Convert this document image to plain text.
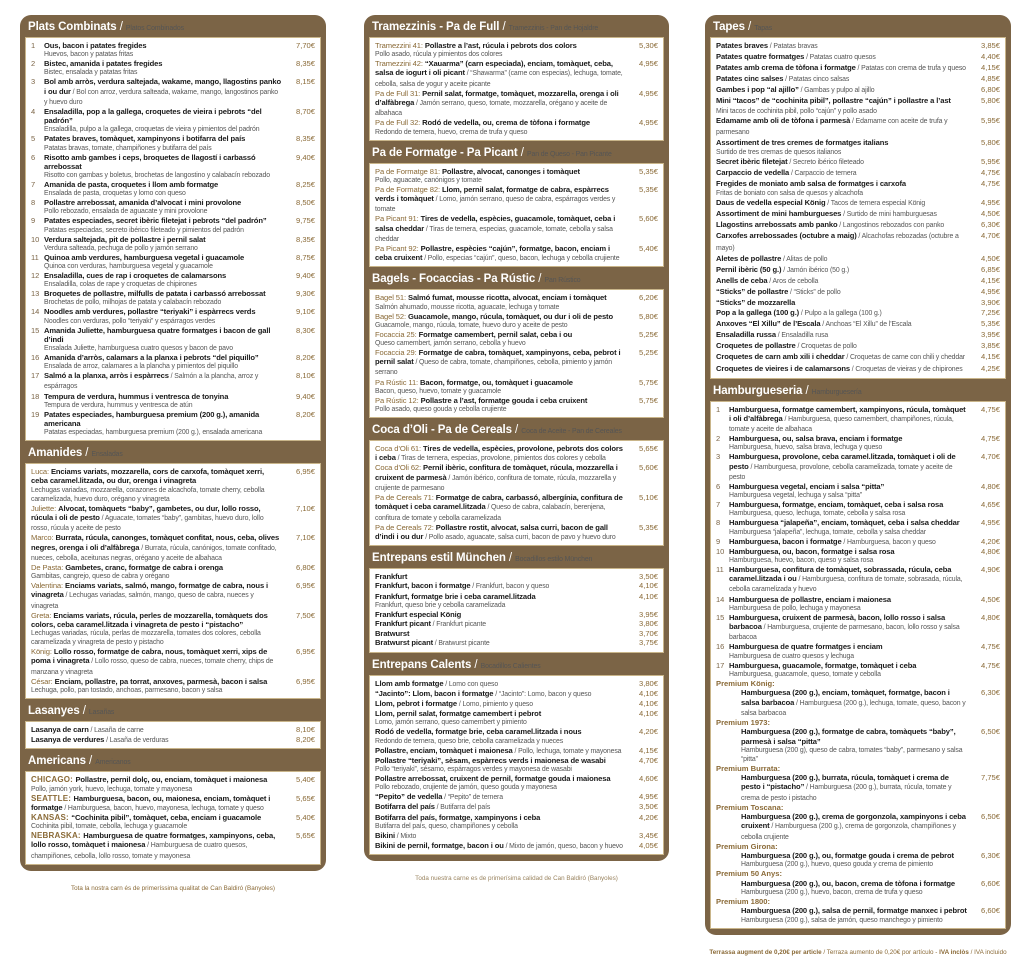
Plats Combinats / Platos Combinados
1	Ous, bacon i patates fregides
Huevos, bacon y patatas fritas
7,70€
2	Bistec, amanida i patates fregides
Bistec, ensalada y patatas fritas
8,35€
3	Bol amb arròs, verdura saltejada, wakame, mango, llagostins panko i ou dur / Bol con arroz, verdura salteada, wakame, mango, langostinos panko y huevo duro
8,15€
4	Ensaladilla, pop a la gallega, croquetes de vieira i pebrots “del padrón”
Ensaladilla, pulpo a la gallega, croquetas de vieira y pimientos del padrón
8,70€
5	Patates braves, tomàquet, xampinyons i botifarra del país
Patatas bravas, tomate, champiñones y butifarra del país
8,35€
6	Risotto amb gambes i ceps, broquetes de llagostí i carbassó arrebossat
Risotto con gambas y boletus, brochetas de langostino y calabacín rebozado
9,40€
7	Amanida de pasta, croquetes i llom amb formatge
Ensalada de pasta, croquetas y lomo con queso
8,25€
8	Pollastre arrebossat, amanida d’alvocat i mini provolone
Pollo rebozado, ensalada de aguacate y mini provolone
8,50€
9	Patates especiades, secret ibèric filetejat i pebrots “del padrón”
Patatas especiadas, secreto ibérico fileteado y pimientos del padrón
9,75€
10 Verdura saltejada, pit de pollastre i pernil salat
Verdura salteada, pechuga de pollo y jamón serrano
8,35€
11 Quinoa amb verdures, hamburguesa vegetal i guacamole
Quinoa con verduras, hamburguesa vegetal y guacamole
8,75€
12 Ensaladilla, cues de rap i croquetes de calamarsons
Ensaladilla, colas de rape y croquetas de chipirones
9,40€
13 Broquetes de pollastre, milfulls de patata i carbassó arrebossat
Brochetas de pollo, milhojas de patata y calabacín rebozado
9,30€
14 Noodles amb verdures, pollastre “teriyaki” i espàrrecs verds
Noodles con verduras, pollo “teriyaki” y espárragos verdes
9,10€
15 Amanida Juliette, hamburguesa quatre formatges i bacon de gall d’indi
Ensalada Juliette, hamburguesa cuatro quesos y bacon de pavo
8,30€
16 Amanida d’arròs, calamars a la planxa i pebrots “del piquillo”
Ensalada de arroz, calamares a la plancha y pimientos del piquillo
8,20€
17 Salmó a la planxa, arròs i espàrrecs / Salmón a la plancha, arroz y espárragos
8,10€
18 Tempura de verdura, hummus i ventresca de tonyina
Tempura de verdura, hummus y ventresca de atún
9,40€
19 Patates especiades, hamburguesa premium (200 g.), amanida americana
Patatas especiadas, hamburguesa premium (200 g.), ensalada americana
8,20€
Amanides / Ensaladas
Luca: Enciams variats, mozzarella, cors de carxofa, tomàquet xerri, ceba caramel.litzada, ou dur, orenga i vinagreta
Lechugas variadas, mozzarella, corazones de alcachofa, tomate cherry, cebolla caramelizada, huevo duro, orégano y vinagreta
6,95€
Juliette: Alvocat, tomàquets “baby”, gambetes, ou dur, lollo rosso, rúcula i oli de pesto / Aguacate, tomates “baby”, gambitas, huevo duro, lollo rosso, rúcula y aceite de pesto
7,10€
Marco: Burrata, rúcula, canonges, tomàquet confitat, nous, ceba, olives negres, orenga i oli d’alfàbrega / Burrata, rúcula, canónigos, tomate confitado, nueces, cebolla, aceitunas negras, orégano y aceite de albahaca
7,10€
De Pasta: Gambetes, cranc, formatge de cabra i orenga
Gambitas, cangrejo, queso de cabra y orégano
6,80€
Valentina: Enciams variats, salmó, mango, formatge de cabra, nous i vinagreta / Lechugas variadas, salmón, mango, queso de cabra, nueces y vinagreta
6,95€
Greta: Enciams variats, rúcula, perles de mozzarella, tomàquets dos colors, ceba caramel.litzada i vinagreta de pesto i “pistacho”
Lechugas variadas, rúcula, perlas de mozzarella, tomates dos colores, cebolla caramelizada y vinagreta de pesto y pistacho
7,50€
König: Lollo rosso, formatge de cabra, nous, tomàquet xerri, xips de poma i vinagreta / Lollo rosso, queso de cabra, nueces, tomate cherry, chips de manzana y vinagreta
6,95€
César: Enciam, pollastre, pa torrat, anxoves, parmesà, bacon i salsa
Lechuga, pollo, pan tostado, anchoas, parmesano, bacon y salsa
6,95€
Lasanyes / Lasañas
Lasanya de carn / Lasaña de carne	8,10€
Lasanya de verdures / Lasaña de verduras	8,20€
Americans / Americanos
CHICAGO: Pollastre, pernil dolç, ou, enciam, tomàquet i maionesa
Pollo, jamón york, huevo, lechuga, tomate y mayonesa
5,40€
SEATTLE: Hamburguesa, bacon, ou, maionesa, enciam, tomàquet i formatge / Hamburguesa, bacon, huevo, mayonesa, lechuga, tomate y queso
5,65€
KANSAS: “Cochinita pibil”, tomàquet, ceba, enciam i guacamole
Cochinita pibil, tomate, cebolla, lechuga y guacamole
5,40€
NEBRASKA: Hamburguesa de quatre formatges, xampinyons, ceba, lollo rosso, tomàquet i maionesa / Hamburguesa de cuatro quesos, champiñones, cebolla, lollo rosso, tomate y mayonesa
5,65€
Tota la nostra carn és de primeríssima qualitat de Can Baldiró (Banyoles)
Tramezzinis - Pa de Full / Tramezzinis - Pan de Hojaldre
Tramezzini 41: Pollastre a l’ast, rúcula i pebrots dos colors
Pollo asado, rúcula y pimientos dos colores
5,30€
Tramezzini 42: “Xauarma” (carn especiada), enciam, tomàquet, ceba, salsa de iogurt i oli picant / “Shawarma” (carne con especias), lechuga, tomate, cebolla, salsa de yogur y aceite picante
4,95€
Pa de Full 31: Pernil salat, formatge, tomàquet, mozzarella, orenga i oli d’alfàbrega / Jamón serrano, queso, tomate, mozzarella, orégano y aceite de albahaca
4,95€
Pa de Full 32: Rodó de vedella, ou, crema de tòfona i formatge
Redondo de ternera, huevo, crema de trufa y queso
4,95€
Pa de Formatge - Pa Picant / Pan de Queso - Pan Picante
Pa de Formatge 81: Pollastre, alvocat, canonges i tomàquet
Pollo, aguacate, canónigos y tomate
5,35€
Pa de Formatge 82: Llom, pernil salat, formatge de cabra, espàrrecs verds i tomàquet / Lomo, jamón serrano, queso de cabra, espárragos verdes y tomate
5,35€
Pa Picant 91: Tires de vedella, espècies, guacamole, tomàquet, ceba i salsa cheddar / Tiras de ternera, especias, guacamole, tomate, cebolla y salsa cheddar
5,60€
Pa Picant 92: Pollastre, espècies “cajún”, formatge, bacon, enciam i ceba cruixent / Pollo, especias “cajún”, queso, bacon, lechuga y cebolla crujiente
5,40€
Bagels - Focaccias - Pa Rústic / Pan Rústico
Bagel 51: Salmó fumat, mousse ricotta, alvocat, enciam i tomàquet
Salmón ahumado, mousse ricotta, aguacate, lechuga y tomate
6,20€
Bagel 52: Guacamole, mango, rúcula, tomàquet, ou dur i oli de pesto
Guacamole, mango, rúcula, tomate, huevo duro y aceite de pesto
5,80€
Focaccia 25: Formatge camembert, pernil salat, ceba i ou
Queso camembert, jamón serrano, cebolla y huevo
5,25€
Focaccia 29: Formatge de cabra, tomàquet, xampinyons, ceba, pebrot i pernil salat / Queso de cabra, tomate, champiñones, cebolla, pimiento y jamón serrano
5,25€
Pa Rústic 11: Bacon, formatge, ou, tomàquet i guacamole
Bacon, queso, huevo, tomate y guacamole
5,75€
Pa Rústic 12: Pollastre a l’ast, formatge gouda i ceba cruixent
Pollo asado, queso gouda y cebolla crujiente
5,75€
Coca d’Oli - Pa de Cereals / Coca de Aceite - Pan de Cereales
Coca d’Oli 61: Tires de vedella, espècies, provolone, pebrots dos colors i ceba / Tiras de ternera, especias, provolone, pimientos dos colores y cebolla
5,65€
Coca d’Oli 62: Pernil ibèric, confitura de tomàquet, rúcula, mozzarella i cruixent de parmesà / Jamón ibérico, confitura de tomate, rúcula, mozzarella y crujiente de parmesano
5,60€
Pa de Cereals 71: Formatge de cabra, carbassó, albergínia, confitura de tomàquet i ceba caramel.litzada / Queso de cabra, calabacín, berenjena, confitura de tomate y cebolla caramelizada
5,10€
Pa de Cereals 72: Pollastre rostit, alvocat, salsa curri, bacon de gall d’indi i ou dur / Pollo asado, aguacate, salsa curri, bacon de pavo y huevo duro
5,35€
Entrepans estil München / Bocadillos estilo München
Frankfurt	3,50€
Frankfurt, bacon i formatge / Frankfurt, bacon y queso	4,10€
Frankfurt, formatge brie i ceba caramel.litzada
Frankfurt, queso brie y cebolla caramelizada
4,10€
Frankfurt especial König	3,95€
Frankfurt picant / Frankfurt picante	3,80€
Bratwurst	3,70€
Bratwurst picant / Bratwurst picante	3,75€
Entrepans Calents / Bocadillos Calientes
Llom amb formatge / Lomo con queso	3,80€
“Jacinto”: Llom, bacon i formatge / “Jacinto”: Lomo, bacon y queso	4,10€
Llom, pebrot i formatge / Lomo, pimiento y queso	4,10€
Llom, pernil salat, formatge camembert i pebrot
Lomo, jamón serrano, queso camembert y pimiento
4,10€
Rodó de vedella, formatge brie, ceba caramel.litzada i nous
Redondo de ternera, queso brie, cebolla caramelizada y nueces
4,20€
Pollastre, enciam, tomàquet i maionesa / Pollo, lechuga, tomate y mayonesa	4,15€
Pollastre “teriyaki”, sèsam, espàrrecs verds i maionesa de wasabi
Pollo “teriyaki”, sésamo, espárragos verdes y mayonesa de wasabi
4,70€
Pollastre arrebossat, cruixent de pernil, formatge gouda i maionesa
Pollo rebozado, crujiente de jamón, queso gouda y mayonesa
4,60€
“Pepito” de vedella / “Pepito” de ternera	4,95€
Botifarra del país / Butifarra del país	3,50€
Botifarra del país, formatge, xampinyons i ceba
Butifarra del país, queso, champiñones y cebolla
4,20€
Bikini / Mixto	3,45€
Bikini de pernil, formatge, bacon i ou / Mixto de jamón, queso, bacon y huevo	4,05€
Toda nuestra carne es de primerísima calidad de Can Baldiró (Banyoles)
Tapes / Tapas
Patates braves / Patatas bravas	3,85€
Patates quatre formatges / Patatas cuatro quesos	4,40€
Patates amb crema de tòfona i formatge / Patatas con crema de trufa y queso	4,15€
Patates cinc salses / Patatas cinco salsas	4,85€
Gambes i pop “al ajillo” / Gambas y pulpo al ajillo	6,80€
Mini “tacos” de “cochinita pibil”, pollastre “cajún” i pollastre a l’ast
Mini tacos de cochinita pibil, pollo “cajún” y pollo asado
5,80€
Edamame amb oli de tòfona i parmesà / Edamame con aceite de trufa y parmesano
5,95€
Assortiment de tres cremes de formatges italians
Surtido de tres cremas de quesos italianos
5,80€
Secret ibèric filetejat / Secreto ibérico fileteado	5,95€
Carpaccio de vedella / Carpaccio de ternera	4,75€
Fregides de moniato amb salsa de formatges i carxofa
Fritas de boniato con salsa de quesos y alcachofa
4,75€
Daus de vedella especial König / Tacos de ternera especial König	4,95€
Assortiment de mini hamburgueses / Surtido de mini hamburguesas	4,50€
Llagostins arrebossats amb panko / Langostinos rebozados con panko	6,30€
Carxofes arrebossades (octubre a maig) / Alcachofas rebozadas (octubre a mayo)
4,70€
Aletes de pollastre / Alitas de pollo	4,50€
Pernil ibèric (50 g.) / Jamón ibérico (50 g.)	6,85€
Anells de ceba / Aros de cebolla	4,15€
“Sticks” de pollastre / “Sticks” de pollo	4,95€
“Sticks” de mozzarella	3,90€
Pop a la gallega (100 g.) / Pulpo a la gallega (100 g.)	7,25€
Anxoves “El Xillu” de l’Escala / Anchoas “El Xillu” de l’Escala	5,35€
Ensaladilla russa / Ensaladilla rusa	3,95€
Croquetes de pollastre / Croquetas de pollo	3,85€
Croquetes de carn amb xili i cheddar / Croquetas de carne con chili y cheddar	4,15€
Croquetes de vieires i de calamarsons / Croquetas de vieiras y de chipirones	4,25€
Hamburgueseria / Hamburguesería
1	Hamburguesa, formatge camembert, xampinyons, rúcula, tomàquet i oli d’alfàbrega / Hamburguesa, queso camembert, champiñones, rúcula, tomate y aceite de albahaca
4,75€
2	Hamburguesa, ou, salsa brava, enciam i formatge
Hamburguesa, huevo, salsa brava, lechuga y queso
4,75€
3	Hamburguesa, provolone, ceba caramel.litzada, tomàquet i oli de pesto / Hamburguesa, provolone, cebolla caramelizada, tomate y aceite de pesto
4,70€
6	Hamburguesa vegetal, enciam i salsa “pitta”
Hamburguesa vegetal, lechuga y salsa “pitta”
4,80€
7	Hamburguesa, formatge, enciam, tomàquet, ceba i salsa rosa
Hamburguesa, queso, lechuga, tomate, cebolla y salsa rosa
4,65€
8	Hamburguesa “jalapeña”, enciam, tomàquet, ceba i salsa cheddar
Hamburguesa “jalapeña”, lechuga, tomate, cebolla y salsa cheddar
4,95€
9	Hamburguesa, bacon i formatge / Hamburguesa, bacon y queso	4,20€
10 Hamburguesa, ou, bacon, formatge i salsa rosa
Hamburguesa, huevo, bacon, queso y salsa rosa
4,80€
11 Hamburguesa, confitura de tomàquet, sobrassada, rúcula, ceba caramel.litzada i ou / Hamburguesa, confitura de tomate, sobrasada, rúcula, cebolla caramelizada y huevo
4,90€
14 Hamburguesa de pollastre, enciam i maionesa
Hamburguesa de pollo, lechuga y mayonesa
4,50€
15 Hamburguesa, cruixent de parmesà, bacon, lollo rosso i salsa barbacoa / Hamburguesa, crujiente de parmesano, bacon, lollo rosso y salsa barbacoa
4,80€
16 Hamburguesa de quatre formatges i enciam
Hamburguesa de cuatro quesos y lechuga
4,75€
17 Hamburguesa, guacamole, formatge, tomàquet i ceba
Hamburguesa, guacamole, queso, tomate y cebolla
4,75€
Premium König:
Hamburguesa (200 g.), enciam, tomàquet, formatge, bacon i salsa barbacoa / Hamburguesa (200 g.), lechuga, tomate, queso, bacon y salsa barbacoa
6,30€
Premium 1973:
Hamburguesa (200 g.), formatge de cabra, tomàquets “baby”, parmesà i salsa “pitta”
Hamburguesa (200 g), queso de cabra, tomates “baby”, parmesano y salsa “pitta”
6,50€
Premium Burrata:
Hamburguesa (200 g.), burrata, rúcula, tomàquet i crema de pesto i “pistacho” / Hamburguesa (200 g.), burrata, rúcula, tomate y crema de pesto i pistacho
7,75€
Premium Toscana:
Hamburguesa (200 g.), crema de gorgonzola, xampinyons i ceba cruixent / Hamburguesa (200 g.), crema de gorgonzola, champiñones y cebolla crujiente
6,50€
Premium Girona:
Hamburguesa (200 g.), ou, formatge gouda i crema de pebrot
Hamburguesa (200 g.), huevo, queso gouda y crema de pimiento
6,30€
Premium 50 Anys:
Hamburguesa (200 g.), ou, bacon, crema de tòfona i formatge
Hamburguesa (200 g.), huevo, bacon, crema de trufa y queso
6,60€
Premium 1800:
Hamburguesa (200 g.), salsa de pernil, formatge manxec i pebrot
Hamburguesa (200 g.), salsa de jamón, queso manchego y pimiento
6,60€
Terrassa augment de 0,20€ per article / Terraza aumento de 0,20€ por artículo - IVA inclòs / IVA incluido
